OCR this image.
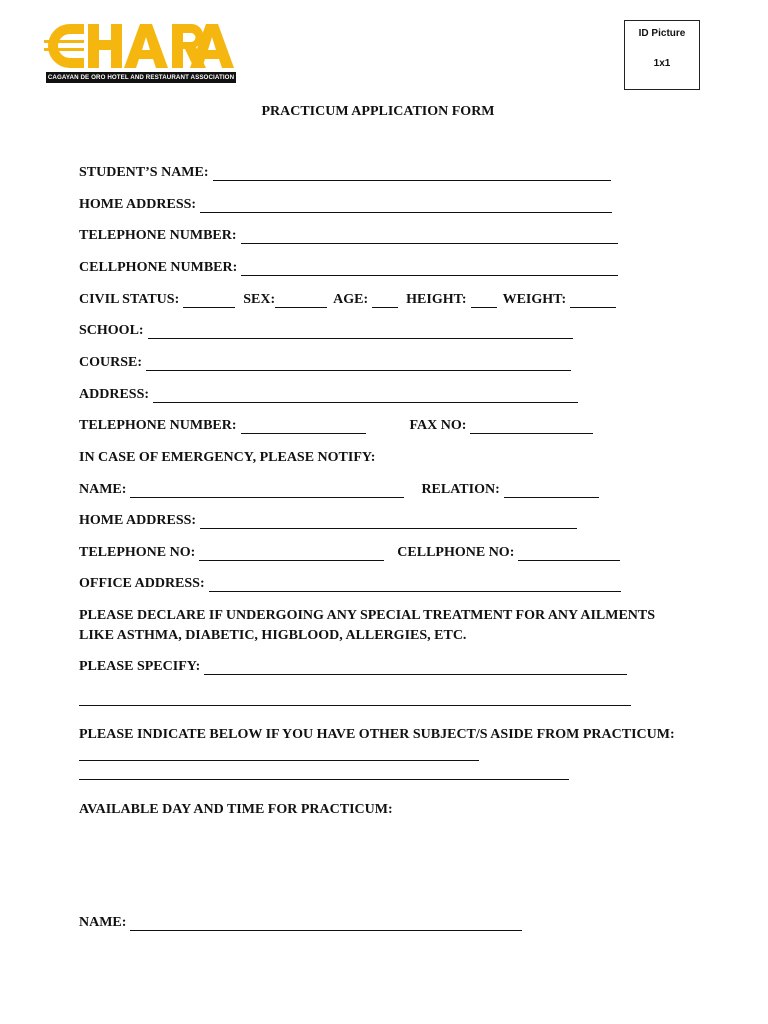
CAGAYAN DE ORO HOTEL AND RESTAURANT ASSOCIATION
ID Picture
1x1
PRACTICUM APPLICATION FORM
STUDENT’S NAME:
HOME ADDRESS:
TELEPHONE NUMBER:
CELLPHONE NUMBER:
CIVIL STATUS:	SEX:	AGE:	HEIGHT:	WEIGHT:
SCHOOL:
COURSE:
ADDRESS:
TELEPHONE NUMBER:	FAX NO:
IN CASE OF EMERGENCY, PLEASE NOTIFY:
NAME:	RELATION:
HOME ADDRESS:
TELEPHONE NO:	CELLPHONE NO:
OFFICE ADDRESS:
PLEASE DECLARE IF UNDERGOING ANY SPECIAL TREATMENT FOR ANY AILMENTS
LIKE ASTHMA, DIABETIC, HIGBLOOD, ALLERGIES, ETC.
PLEASE SPECIFY:
PLEASE INDICATE BELOW IF YOU HAVE OTHER SUBJECT/S ASIDE FROM PRACTICUM:
AVAILABLE DAY AND TIME FOR PRACTICUM:
NAME:
